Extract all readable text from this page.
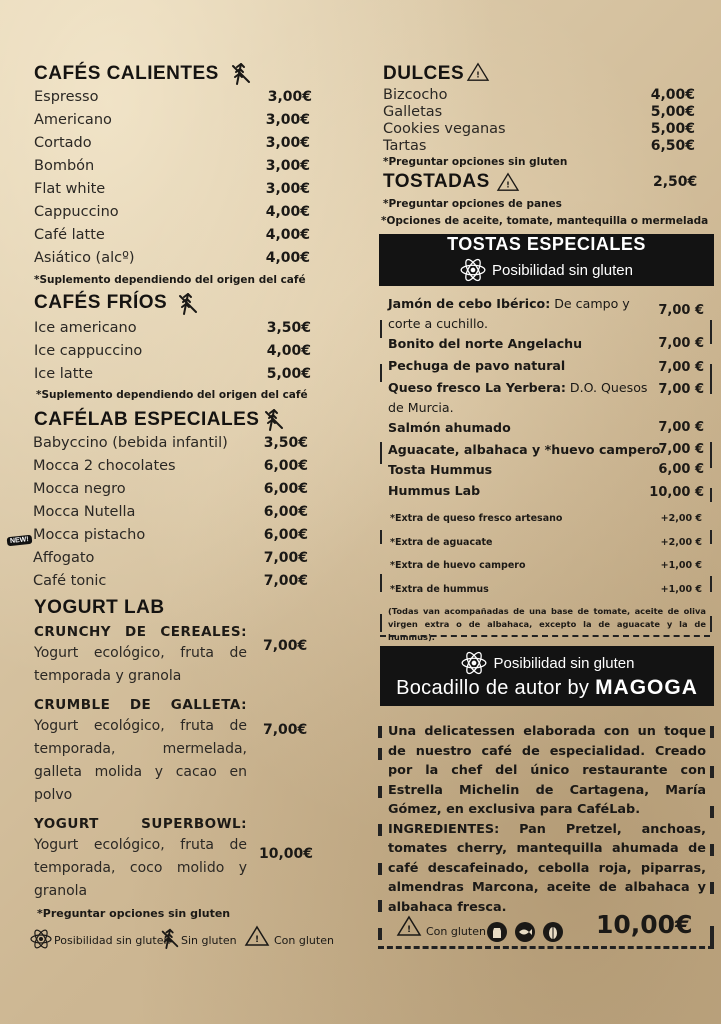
CAFÉS CALIENTES
Espresso	3,00€
Americano	3,00€
Cortado	3,00€
Bombón	3,00€
Flat white	3,00€
Cappuccino	4,00€
Café latte	4,00€
Asiático (alcº)	4,00€
*Suplemento dependiendo del origen del café
CAFÉS FRÍOS
Ice americano	3,50€
Ice cappuccino	4,00€
Ice latte	5,00€
*Suplemento dependiendo del origen del café
CAFÉLAB ESPECIALES
Babyccino (bebida infantil)	3,50€
Mocca 2 chocolates	6,00€
Mocca negro	6,00€
Mocca Nutella	6,00€
Mocca pistacho	6,00€
Affogato	7,00€
Café tonic	7,00€
NEW!
YOGURT LAB
CRUNCHY DE CEREALES:
Yogurt ecológico, fruta de temporada y granola
7,00€
CRUMBLE DE GALLETA:
Yogurt ecológico, fruta de temporada, mermelada, galleta molida y cacao en polvo
7,00€
YOGURT SUPERBOWL:
Yogurt ecológico, fruta de temporada, coco molido y granola
10,00€
*Preguntar opciones sin gluten
Posibilidad sin gluten Sin gluten ! Con gluten
DULCES !
Bizcocho	4,00€
Galletas	5,00€
Cookies veganas	5,00€
Tartas	6,50€
*Preguntar opciones sin gluten
TOSTADAS !	2,50€
*Preguntar opciones de panes
*Opciones de aceite, tomate, mantequilla o mermelada
TOSTAS ESPECIALES
Posibilidad sin gluten
Jamón de cebo Ibérico: De campo y
corte a cuchillo.
7,00 €
Bonito del norte Angelachu	7,00 €
Pechuga de pavo natural	7,00 €
Queso fresco La Yerbera: D.O. Quesos
de Murcia.
7,00 €
Salmón ahumado	7,00 €
Aguacate, albahaca y *huevo campero
7,00 €
Tosta Hummus	6,00 €
Hummus Lab	10,00 €
*Extra de queso fresco artesano	+2,00 €
*Extra de aguacate	+2,00 €
*Extra de huevo campero	+1,00 €
*Extra de hummus	+1,00 €
(Todas van acompañadas de una base de tomate, aceite de oliva virgen extra o de albahaca, excepto la de aguacate y la de hummus).
Posibilidad sin gluten
Bocadillo de autor by MAGOGA
Una delicatessen elaborada con un toque de nuestro café de especialidad. Creado por la chef del único restaurante con Estrella Michelin de Cartagena, María Gómez, en exclusiva para CaféLab.
INGREDIENTES: Pan Pretzel, anchoas, tomates cherry, mantequilla ahumada de café descafeinado, cebolla roja, piparras, almendras Marcona, aceite de albahaca y albahaca fresca.
! Con gluten	10,00€
